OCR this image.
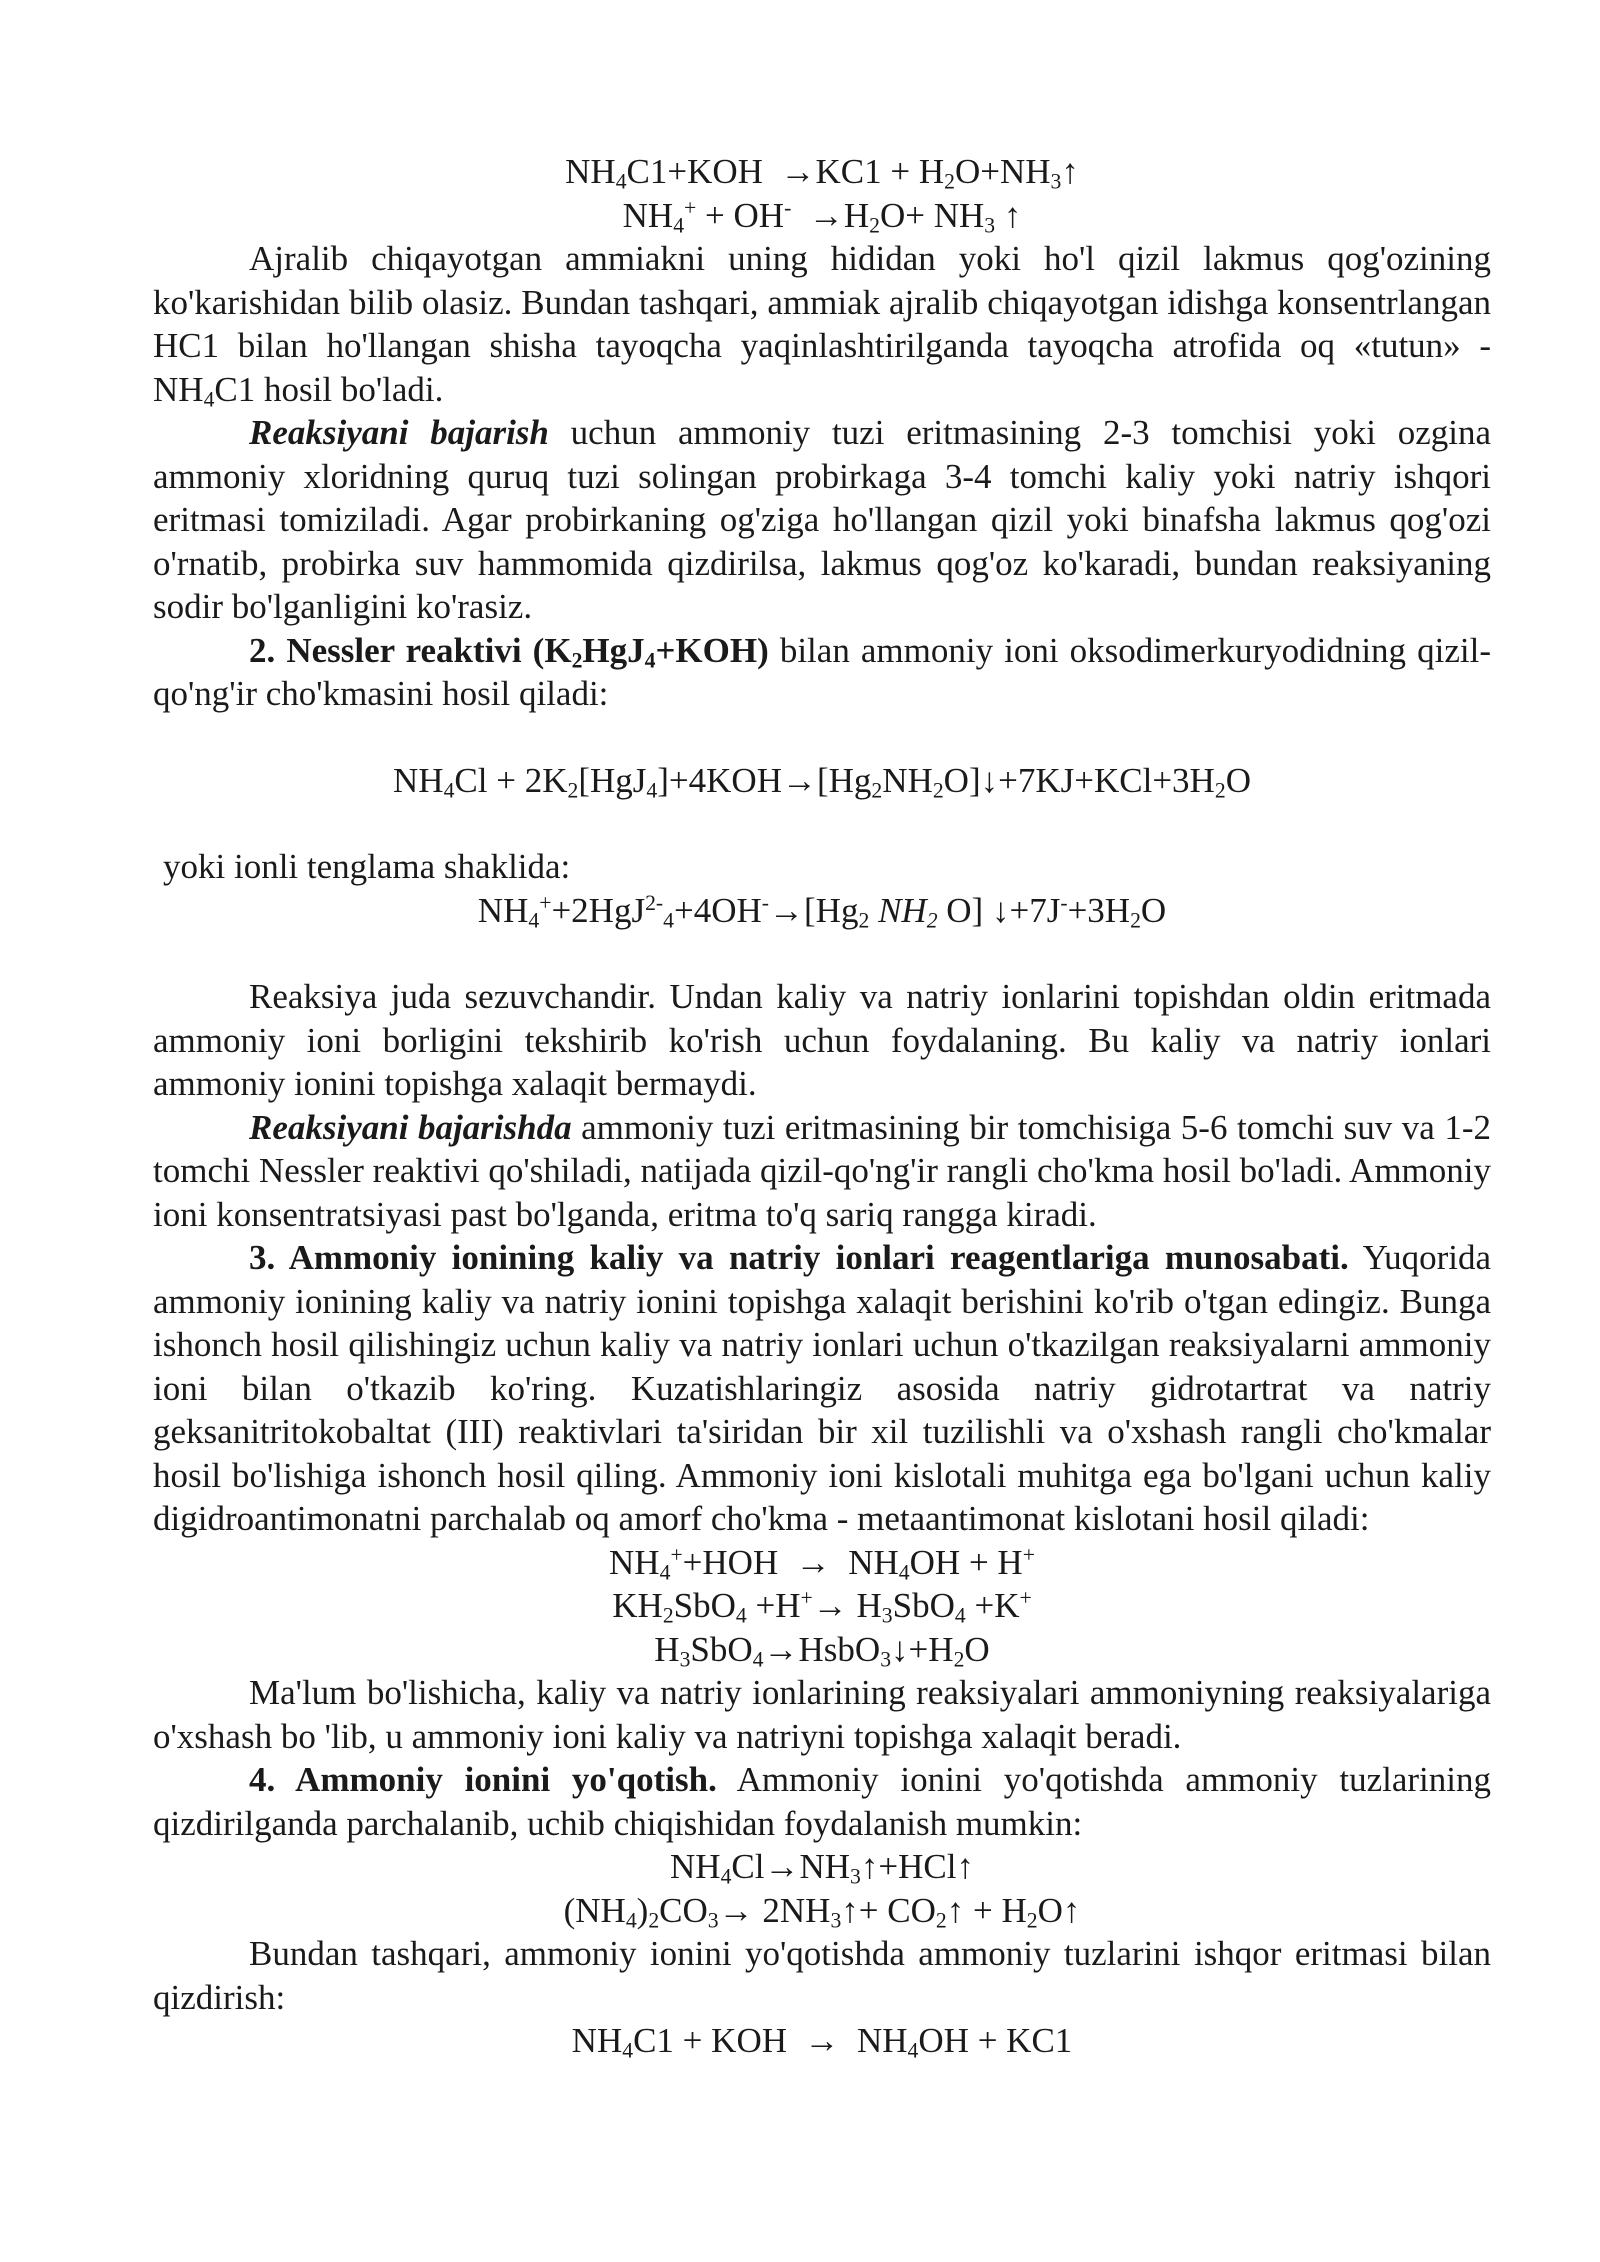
$NH_4C1+KOH \to KC1$ + $H_2O+NH_3↑$
$NH_4^+ + OH^- \to H_2O+ NH_3$ ↑

Ajralib chiqayotgan ammiakni uning hididan yoki ho'l qizil lakmus qog'ozining ko'karishidan bilib olasiz. Bundan tashqari, ammiak ajralib chiqayotgan idishga konsentrlangan HC1 bilan ho'llangan shisha tayoqcha yaqinlashtirilganda tayoqcha atrofida oq «tutun» - $NH_4C1$ hosil bo'ladi.

Reaksiyani bajarish uchun ammoniy tuzi eritmasining 2-3 tomchisi yoki ozgina ammoniy xloridning quruq tuzi solingan probirkaga 3-4 tomchi kaliy yoki natriy ishqori eritmasi tomiziladi. Agar probirkaning og'ziga ho'llangan qizil yoki binafsha lakmus qog'ozi o'rnatib, probirka suv hammomida qizdirilsa, lakmus qog'oz ko'karadi, bundan reaksiyaning sodir bo'lganligini ko'rasiz.

2. Nessler reaktivi $(K_2HgJ_4+KOH)$ bilan ammoniy ioni oksodimerkuryodidning qizil-qo'ng'ir cho'kmasini hosil qiladi:

$NH_4Cl$ + $2K_2[HgJ_4]+4KOH\to[Hg_2NH_2O]↓+7KJ+KCl+3H_2O$

yoki ionli tenglama shaklida:

$NH_4^++2HgJ^{2-}_4+4OH^-\to[Hg_2$ $NH_2$ O] $↓+7J^-+3H_2O$

Reaksiya juda sezuvchandir. Undan kaliy va natriy ionlarini topishdan oldin eritmada ammoniy ioni borligini tekshirib ko'rish uchun foydalaning. Bu kaliy va natriy ionlari ammoniy ionini topishga xalaqit bermaydi.

Reaksiyani bajarishda ammoniy tuzi eritmasining bir tomchisiga 5-6 tomchi suv va 1-2 tomchi Nessler reaktivi qo'shiladi, natijada qizil-qo'ng'ir rangli cho'kma hosil bo'ladi. Ammoniy ioni konsentratsiyasi past bo'lganda, eritma to'q sariq rangga kiradi.

3. Ammoniy ionining kaliy va natriy ionlari reagentlariga munosabati. Yuqorida ammoniy ionining kaliy va natriy ionini topishga xalaqit berishini ko'rib o'tgan edingiz. Bunga ishonch hosil qilishingiz uchun kaliy va natriy ionlari uchun o'tkazilgan reaksiyalarni ammoniy ioni bilan o'tkazib ko'ring. Kuzatishlaringiz asosida natriy gidrotartrat va natriy geksanitritokobaltat (III) reaktivlari ta'siridan bir xil tuzilishli va o'xshash rangli cho'kmalar hosil bo'lishiga ishonch hosil qiling. Ammoniy ioni kislotali muhitga ega bo'lgani uchun kaliy digidroantimonatni parchalab oq amorf cho'kma - metaantimonat kislotani hosil qiladi:

$NH_4^++HOH \to NH_4OH + H^+$
$KH_2SbO_4 +H^+\to H_3SbO_4 +K^+$
$H_3SbO_4\to HsbO_3↓+H_2O$

Ma'lum bo'lishicha, kaliy va natriy ionlarining reaksiyalari ammoniyning reaksiyalariga o'xshash bo 'lib, u ammoniy ioni kaliy va natriyni topishga xalaqit beradi.

4. Ammoniy ionini yo'qotish. Ammoniy ionini yo'qotishda ammoniy tuzlarining qizdirilganda parchalanib, uchib chiqishidan foydalanish mumkin:

$NH_4Cl\to NH_3↑+HCl↑$
$(NH_4)_2CO_3\to$ $2NH_3↑+$ $CO_2↑$ + $H_2O↑$

Bundan tashqari, ammoniy ionini yo'qotishda ammoniy tuzlarini ishqor eritmasi bilan qizdirish:

$NH_4C1$ + KOH  →  $NH_4OH + KC1$
